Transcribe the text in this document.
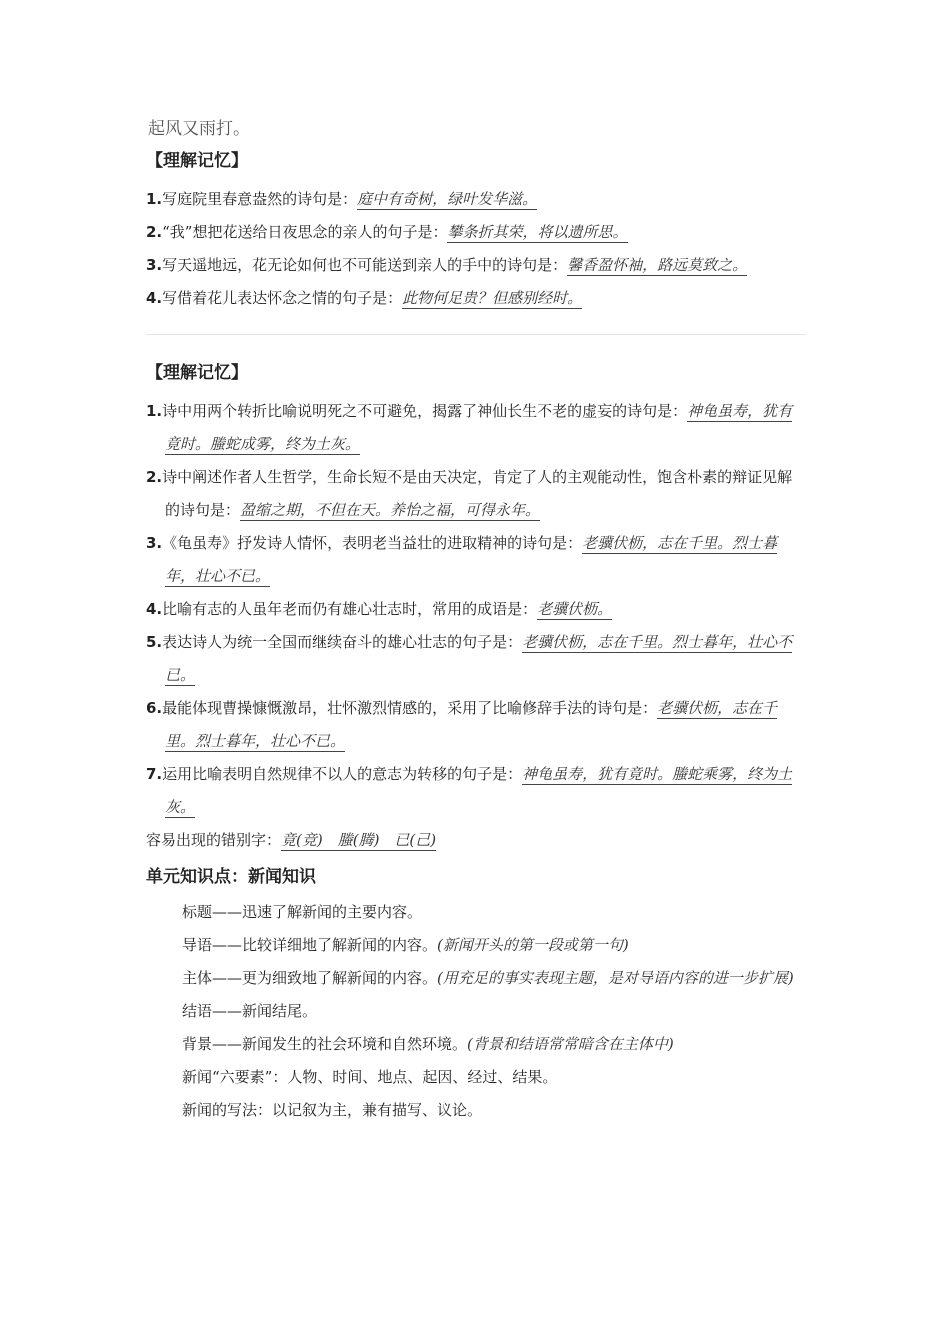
起风又雨打。
【理解记忆】

1.写庭院里春意盎然的诗句是：庭中有奇树，绿叶发华滋。

2.“我”想把花送给日夜思念的亲人的句子是：攀条折其荣，将以遗所思。

3.写天遥地远，花无论如何也不可能送到亲人的手中的诗句是：馨香盈怀袖，路远莫致之。

4.写借着花儿表达怀念之情的句子是：此物何足贵？但感别经时。

【理解记忆】

1.诗中用两个转折比喻说明死之不可避免，揭露了神仙长生不老的虚妄的诗句是：神龟虽寿，犹有竟时。螣蛇成雾，终为土灰。

2.诗中阐述作者人生哲学，生命长短不是由天决定，肯定了人的主观能动性，饱含朴素的辩证见解的诗句是：盈缩之期，不但在天。养怡之福，可得永年。

3.《龟虽寿》抒发诗人情怀，表明老当益壮的进取精神的诗句是：老骥伏枥，志在千里。烈士暮年，壮心不已。

4.比喻有志的人虽年老而仍有雄心壮志时，常用的成语是：老骥伏枥。

5.表达诗人为统一全国而继续奋斗的雄心壮志的句子是：老骥伏枥，志在千里。烈士暮年，壮心不已。

6.最能体现曹操慷慨激昂，壮怀激烈情感的，采用了比喻修辞手法的诗句是：老骥伏枥，志在千里。烈士暮年，壮心不已。

7.运用比喻表明自然规律不以人的意志为转移的句子是：神龟虽寿，犹有竟时。螣蛇乘雾，终为土灰。

容易出现的错别字：竟(竞)　螣(腾)　已(己)

单元知识点：新闻知识

标题——迅速了解新闻的主要内容。

导语——比较详细地了解新闻的内容。(新闻开头的第一段或第一句)

主体——更为细致地了解新闻的内容。(用充足的事实表现主题，是对导语内容的进一步扩展)

结语——新闻结尾。

背景——新闻发生的社会环境和自然环境。(背景和结语常常暗含在主体中)

新闻“六要素”：人物、时间、地点、起因、经过、结果。

新闻的写法：以记叙为主，兼有描写、议论。
